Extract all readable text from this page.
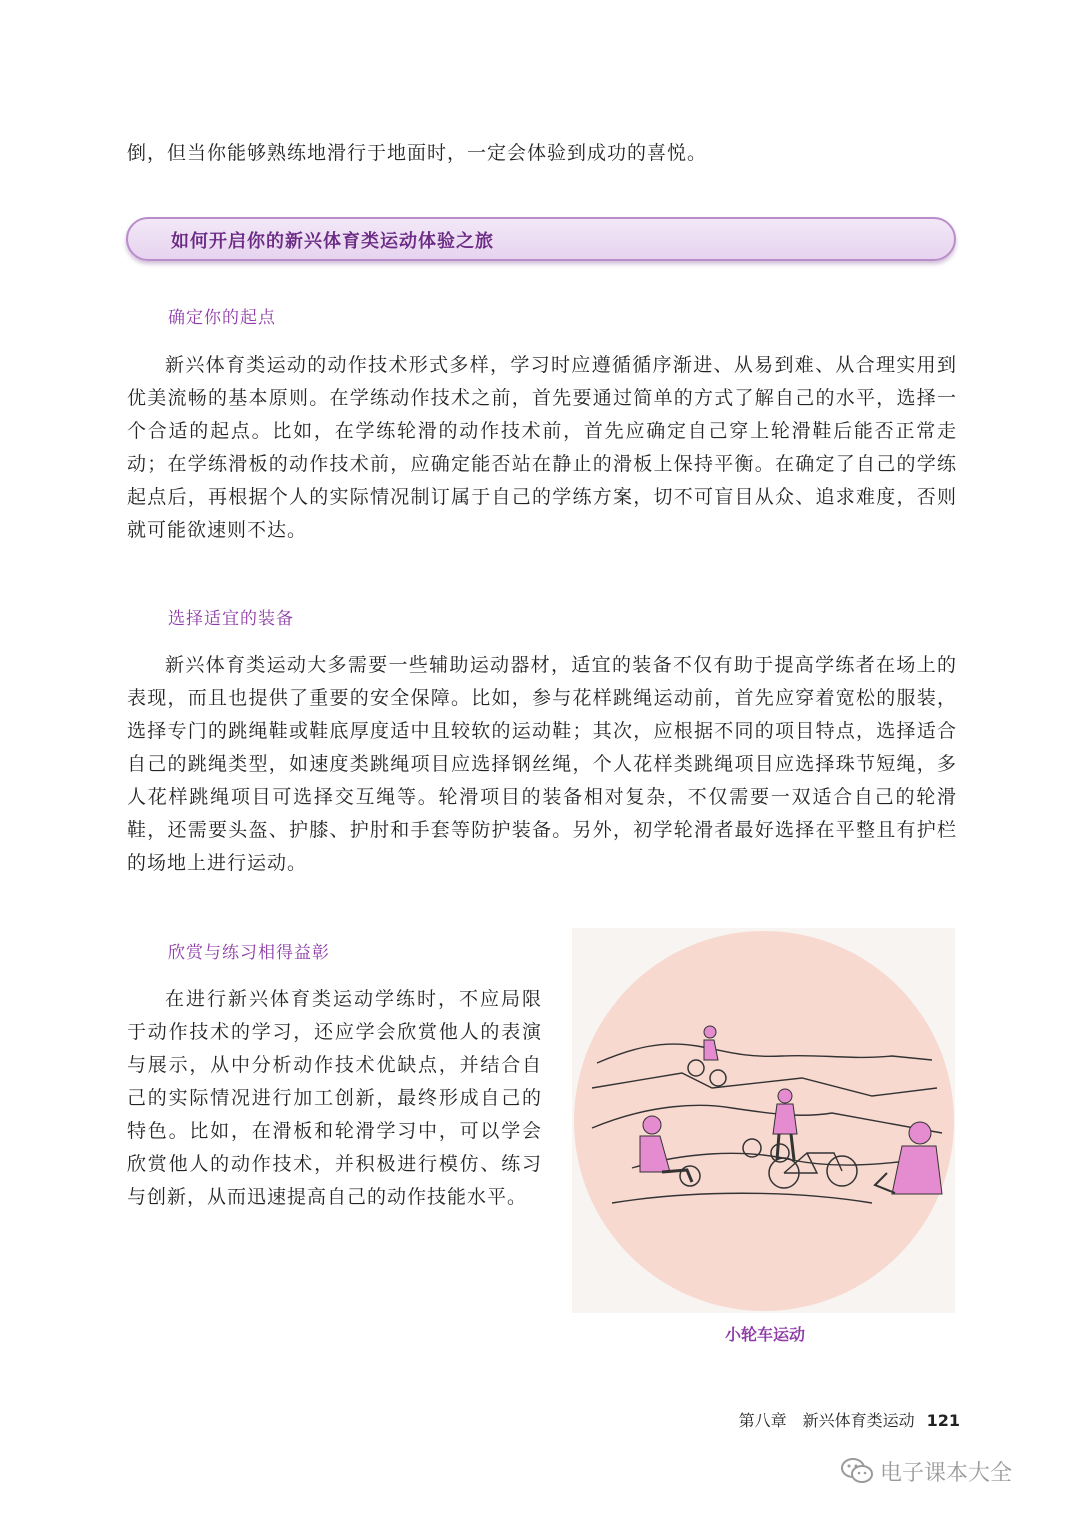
倒，但当你能够熟练地滑行于地面时，一定会体验到成功的喜悦。
如何开启你的新兴体育类运动体验之旅
确定你的起点
新兴体育类运动的动作技术形式多样，学习时应遵循循序渐进、从易到难、从合理实用到优美流畅的基本原则。在学练动作技术之前，首先要通过简单的方式了解自己的水平，选择一个合适的起点。比如，在学练轮滑的动作技术前，首先应确定自己穿上轮滑鞋后能否正常走动；在学练滑板的动作技术前，应确定能否站在静止的滑板上保持平衡。在确定了自己的学练起点后，再根据个人的实际情况制订属于自己的学练方案，切不可盲目从众、追求难度，否则就可能欲速则不达。
选择适宜的装备
新兴体育类运动大多需要一些辅助运动器材，适宜的装备不仅有助于提高学练者在场上的表现，而且也提供了重要的安全保障。比如，参与花样跳绳运动前，首先应穿着宽松的服装，选择专门的跳绳鞋或鞋底厚度适中且较软的运动鞋；其次，应根据不同的项目特点，选择适合自己的跳绳类型，如速度类跳绳项目应选择钢丝绳，个人花样类跳绳项目应选择珠节短绳，多人花样跳绳项目可选择交互绳等。轮滑项目的装备相对复杂，不仅需要一双适合自己的轮滑鞋，还需要头盔、护膝、护肘和手套等防护装备。另外，初学轮滑者最好选择在平整且有护栏的场地上进行运动。
欣赏与练习相得益彰
在进行新兴体育类运动学练时，不应局限于动作技术的学习，还应学会欣赏他人的表演与展示，从中分析动作技术优缺点，并结合自己的实际情况进行加工创新，最终形成自己的特色。比如，在滑板和轮滑学习中，可以学会欣赏他人的动作技术，并积极进行模仿、练习与创新，从而迅速提高自己的动作技能水平。
小轮车运动
第八章　新兴体育类运动 121
电子课本大全
